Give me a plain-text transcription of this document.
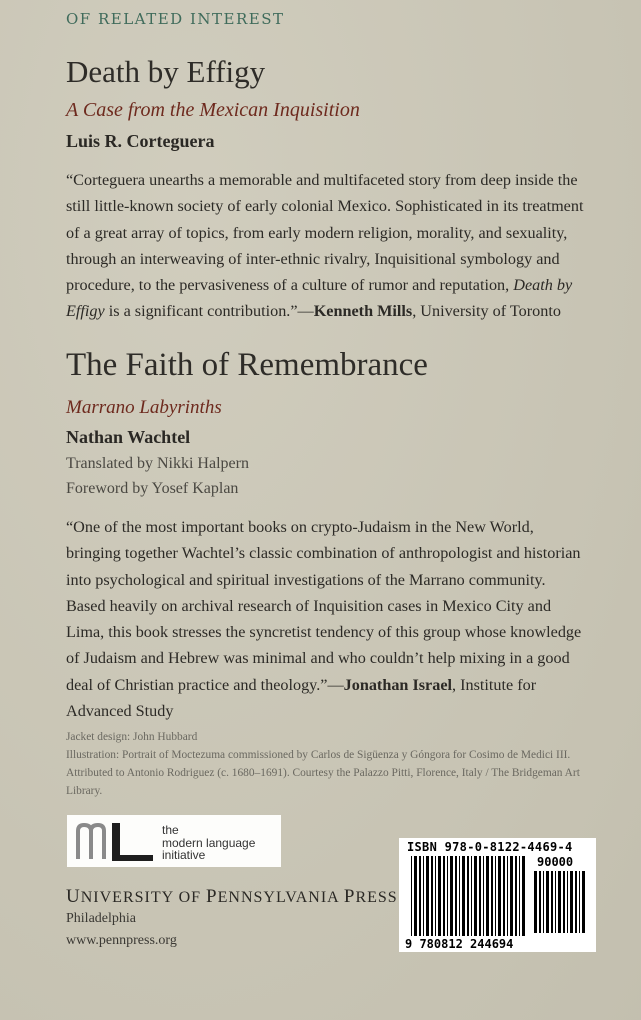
OF RELATED INTEREST
Death by Effigy
A Case from the Mexican Inquisition
Luis R. Corteguera
“Corteguera unearths a memorable and multifaceted story from deep inside the still little-known society of early colonial Mexico. Sophisticated in its treatment of a great array of topics, from early modern religion, morality, and sexuality, through an interweaving of inter-ethnic rivalry, Inquisitional symbology and procedure, to the pervasiveness of a culture of rumor and reputation, Death by Effigy is a significant contribution.”—Kenneth Mills, University of Toronto
The Faith of Remembrance
Marrano Labyrinths
Nathan Wachtel
Translated by Nikki Halpern
Foreword by Yosef Kaplan
“One of the most important books on crypto-Judaism in the New World, bringing together Wachtel’s classic combination of anthropologist and historian into psychological and spiritual investigations of the Marrano community. Based heavily on archival research of Inquisition cases in Mexico City and Lima, this book stresses the syncretist tendency of this group whose knowledge of Judaism and Hebrew was minimal and who couldn’t help mixing in a good deal of Christian practice and theology.”—Jonathan Israel, Institute for Advanced Study
Jacket design: John Hubbard
Illustration: Portrait of Moctezuma commissioned by Carlos de Sigüenza y Góngora for Cosimo de Medici III. Attributed to Antonio Rodriguez (c. 1680–1691). Courtesy the Palazzo Pitti, Florence, Italy / The Bridgeman Art Library.
the
modern language
initiative
UNIVERSITY OF PENNSYLVANIA PRESS
Philadelphia
www.pennpress.org
ISBN 978-0-8122-4469-4
90000
9 780812 244694
